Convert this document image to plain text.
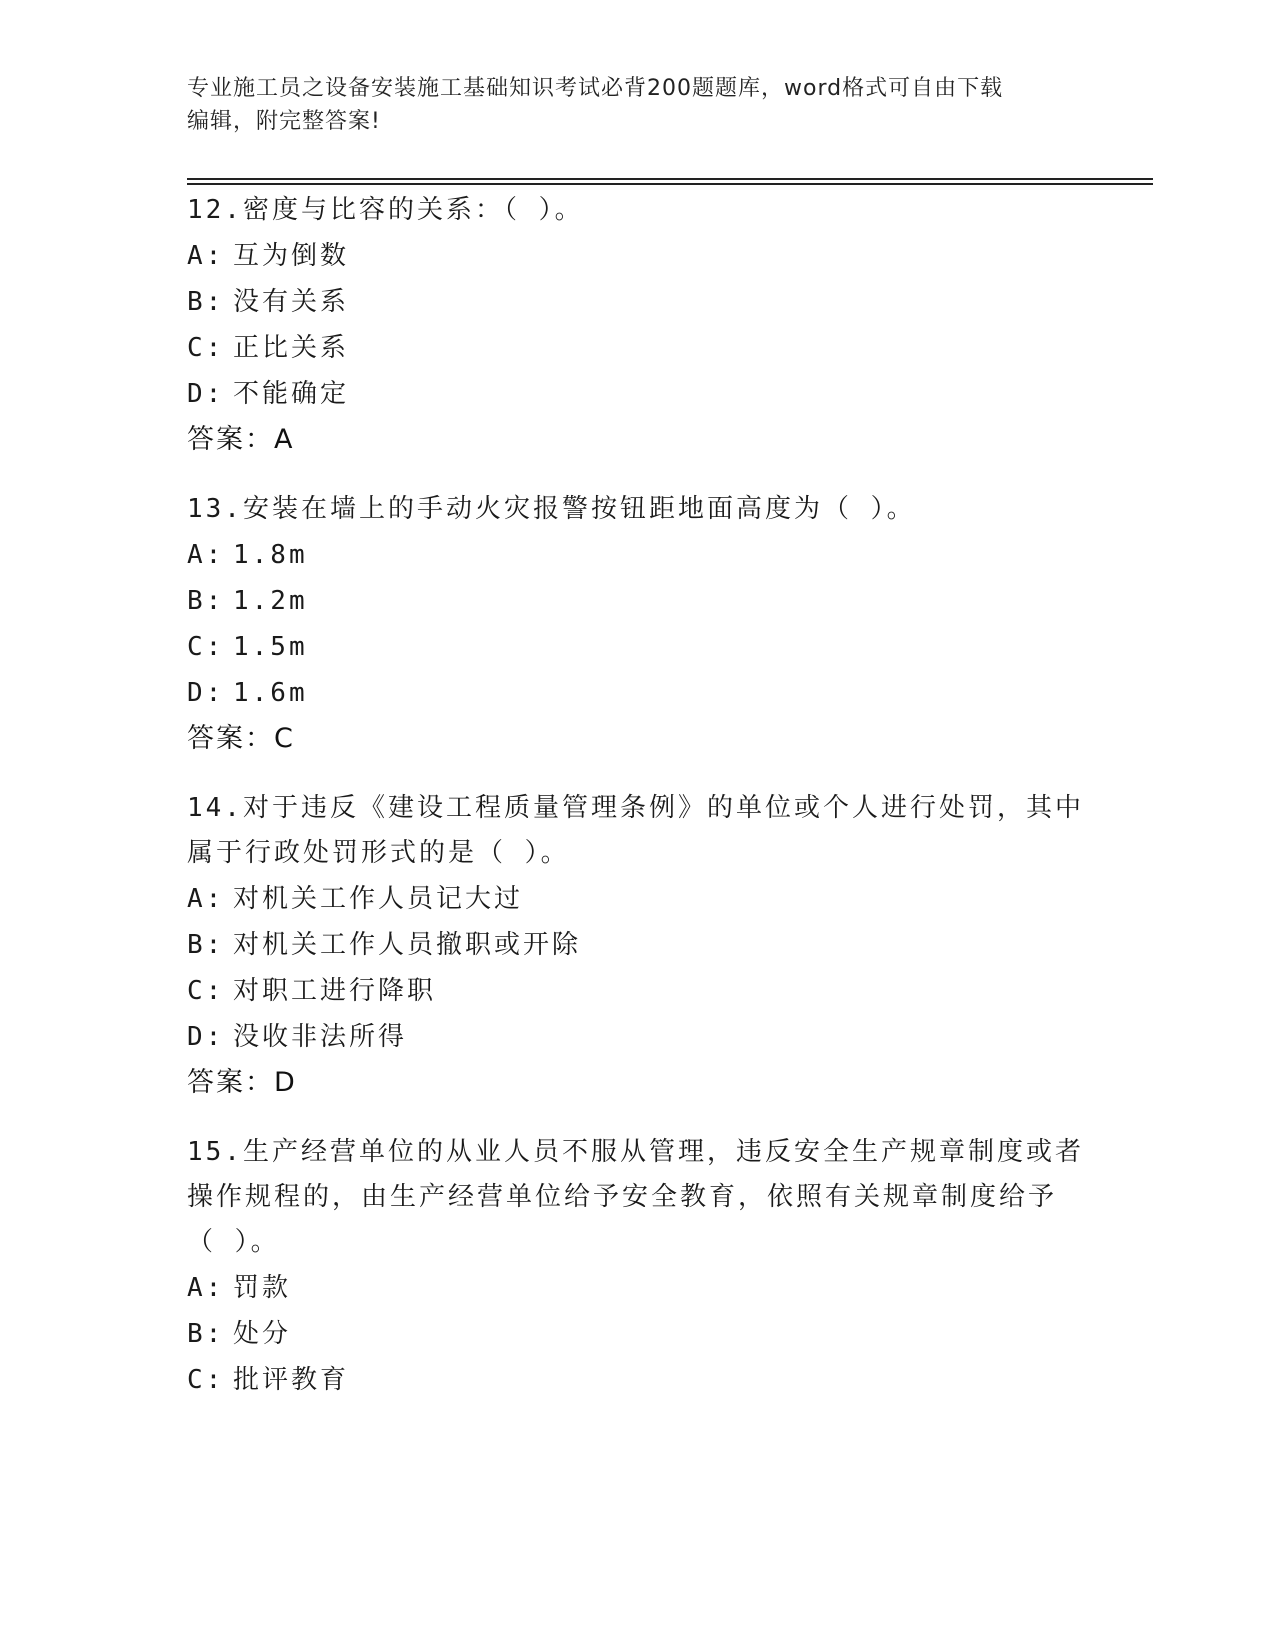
专业施工员之设备安装施工基础知识考试必背200题题库，word格式可自由下载
编辑，附完整答案!

12.密度与比容的关系：（ ）。

A: 互为倒数

B: 没有关系

C: 正比关系

D: 不能确定

答案：A

13.安装在墙上的手动火灾报警按钮距地面高度为（ ）。

A: 1.8m

B: 1.2m

C: 1.5m

D: 1.6m

答案：C

14.对于违反《建设工程质量管理条例》的单位或个人进行处罚，其中

属于行政处罚形式的是（ ）。

A: 对机关工作人员记大过

B: 对机关工作人员撤职或开除

C: 对职工进行降职

D: 没收非法所得

答案：D

15.生产经营单位的从业人员不服从管理，违反安全生产规章制度或者

操作规程的，由生产经营单位给予安全教育，依照有关规章制度给予

（ ）。

A: 罚款

B: 处分

C: 批评教育
